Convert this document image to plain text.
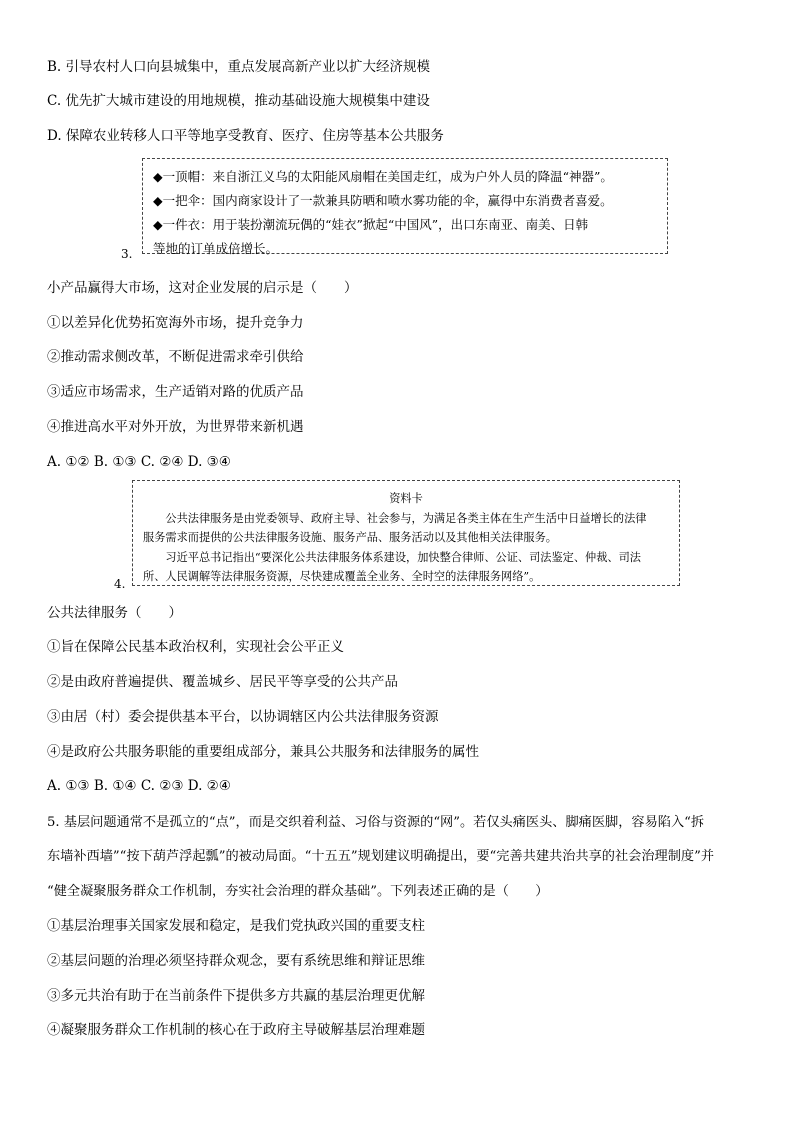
B. 引导农村人口向县城集中，重点发展高新产业以扩大经济规模
C. 优先扩大城市建设的用地规模，推动基础设施大规模集中建设
D. 保障农业转移人口平等地享受教育、医疗、住房等基本公共服务
◆一顶帽：来自浙江义乌的太阳能风扇帽在美国走红，成为户外人员的降温“神器”。
◆一把伞：国内商家设计了一款兼具防晒和喷水雾功能的伞，赢得中东消费者喜爱。
◆一件衣：用于装扮潮流玩偶的“娃衣”掀起“中国风”，出口东南亚、南美、日韩
等地的订单成倍增长。
3.
小产品赢得大市场，这对企业发展的启示是（　　）
①以差异化优势拓宽海外市场，提升竞争力
②推动需求侧改革，不断促进需求牵引供给
③适应市场需求，生产适销对路的优质产品
④推进高水平对外开放，为世界带来新机遇
A. ①② B. ①③ C. ②④ D. ③④
资料卡
公共法律服务是由党委领导、政府主导、社会参与，为满足各类主体在生产生活中日益增长的法律
服务需求而提供的公共法律服务设施、服务产品、服务活动以及其他相关法律服务。
习近平总书记指出“要深化公共法律服务体系建设，加快整合律师、公证、司法鉴定、仲裁、司法
所、人民调解等法律服务资源，尽快建成覆盖全业务、全时空的法律服务网络”。
4.
公共法律服务（　　）
①旨在保障公民基本政治权利，实现社会公平正义
②是由政府普遍提供、覆盖城乡、居民平等享受的公共产品
③由居（村）委会提供基本平台，以协调辖区内公共法律服务资源
④是政府公共服务职能的重要组成部分，兼具公共服务和法律服务的属性
A. ①③ B. ①④ C. ②③ D. ②④
5. 基层问题通常不是孤立的“点”，而是交织着利益、习俗与资源的“网”。若仅头痛医头、脚痛医脚，容易陷入“拆
东墙补西墙”“按下葫芦浮起瓢”的被动局面。“十五五”规划建议明确提出，要“完善共建共治共享的社会治理制度”并
“健全凝聚服务群众工作机制，夯实社会治理的群众基础”。下列表述正确的是（　　）
①基层治理事关国家发展和稳定，是我们党执政兴国的重要支柱
②基层问题的治理必须坚持群众观念，要有系统思维和辩证思维
③多元共治有助于在当前条件下提供多方共赢的基层治理更优解
④凝聚服务群众工作机制的核心在于政府主导破解基层治理难题
